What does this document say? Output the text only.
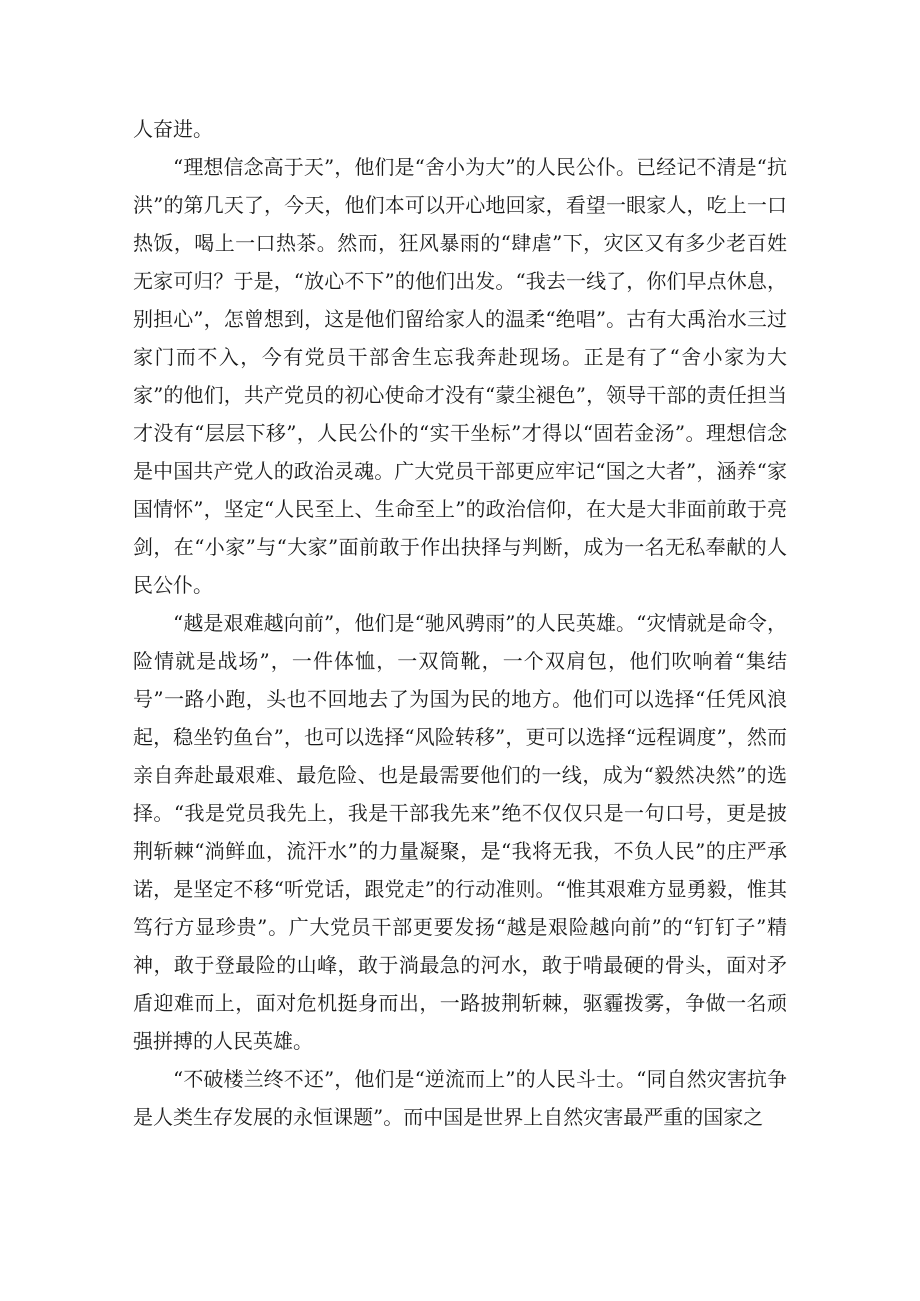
人奋进。

“理想信念高于天”，他们是“舍小为大”的人民公仆。已经记不清是“抗洪”的第几天了，今天，他们本可以开心地回家，看望一眼家人，吃上一口热饭，喝上一口热茶。然而，狂风暴雨的“肆虐”下，灾区又有多少老百姓无家可归？于是，“放心不下”的他们出发。“我去一线了，你们早点休息，别担心”，怎曾想到，这是他们留给家人的温柔“绝唱”。古有大禹治水三过家门而不入，今有党员干部舍生忘我奔赴现场。正是有了“舍小家为大家”的他们，共产党员的初心使命才没有“蒙尘褪色”，领导干部的责任担当才没有“层层下移”，人民公仆的“实干坐标”才得以“固若金汤”。理想信念是中国共产党人的政治灵魂。广大党员干部更应牢记“国之大者”，涵养“家国情怀”，坚定“人民至上、生命至上”的政治信仰，在大是大非面前敢于亮剑，在“小家”与“大家”面前敢于作出抉择与判断，成为一名无私奉献的人民公仆。

“越是艰难越向前”，他们是“驰风骋雨”的人民英雄。“灾情就是命令，险情就是战场”，一件体恤，一双筒靴，一个双肩包，他们吹响着“集结号”一路小跑，头也不回地去了为国为民的地方。他们可以选择“任凭风浪起，稳坐钓鱼台”，也可以选择“风险转移”，更可以选择“远程调度”，然而亲自奔赴最艰难、最危险、也是最需要他们的一线，成为“毅然决然”的选择。“我是党员我先上，我是干部我先来”绝不仅仅只是一句口号，更是披荆斩棘“淌鲜血，流汗水”的力量凝聚，是“我将无我，不负人民”的庄严承诺，是坚定不移“听党话，跟党走”的行动准则。“惟其艰难方显勇毅，惟其笃行方显珍贵”。广大党员干部更要发扬“越是艰险越向前”的“钉钉子”精神，敢于登最险的山峰，敢于淌最急的河水，敢于啃最硬的骨头，面对矛盾迎难而上，面对危机挺身而出，一路披荆斩棘，驱霾拨雾，争做一名顽强拼搏的人民英雄。

“不破楼兰终不还”，他们是“逆流而上”的人民斗士。“同自然灾害抗争是人类生存发展的永恒课题”。而中国是世界上自然灾害最严重的国家之
